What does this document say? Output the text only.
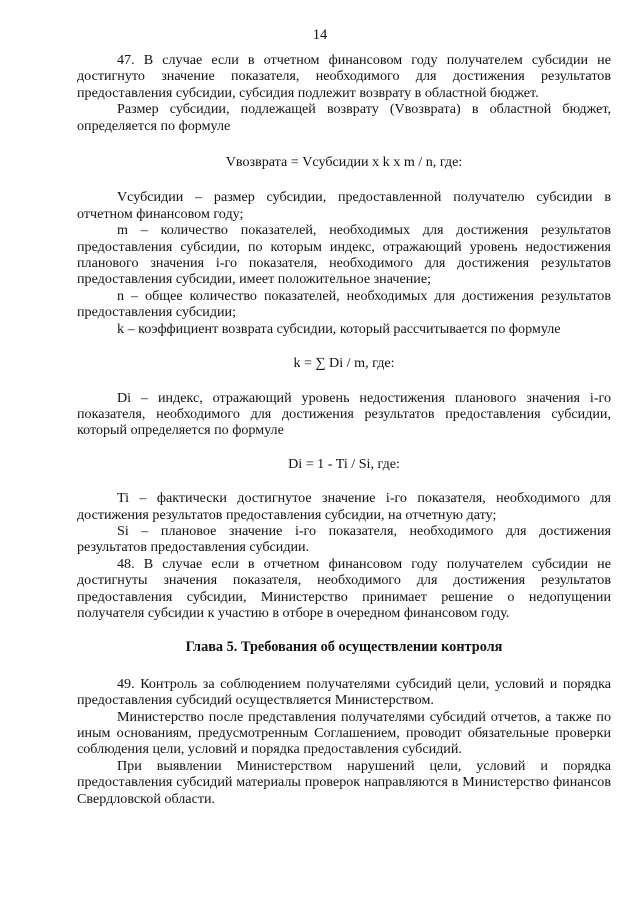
14

47. В случае если в отчетном финансовом году получателем субсидии не достигнуто значение показателя, необходимого для достижения результатов предоставления субсидии, субсидия подлежит возврату в областной бюджет.

Размер субсидии, подлежащей возврату (Vвозврата) в областной бюджет, определяется по формуле

Vвозврата = Vсубсидии x k x m / n, где:

Vсубсидии – размер субсидии, предоставленной получателю субсидии в отчетном финансовом году;

m – количество показателей, необходимых для достижения результатов предоставления субсидии, по которым индекс, отражающий уровень недостижения планового значения i-го показателя, необходимого для достижения результатов предоставления субсидии, имеет положительное значение;

n – общее количество показателей, необходимых для достижения результатов предоставления субсидии;

k – коэффициент возврата субсидии, который рассчитывается по формуле

k = ∑ Di / m, где:

Di – индекс, отражающий уровень недостижения планового значения i-го показателя, необходимого для достижения результатов предоставления субсидии, который определяется по формуле

Di = 1 - Ti / Si, где:

Ti – фактически достигнутое значение i-го показателя, необходимого для достижения результатов предоставления субсидии, на отчетную дату;

Si – плановое значение i-го показателя, необходимого для достижения результатов предоставления субсидии.

48. В случае если в отчетном финансовом году получателем субсидии не достигнуты значения показателя, необходимого для достижения результатов предоставления субсидии, Министерство принимает решение о недопущении получателя субсидии к участию в отборе в очередном финансовом году.

Глава 5. Требования об осуществлении контроля

49. Контроль за соблюдением получателями субсидий цели, условий и порядка предоставления субсидий осуществляется Министерством.

Министерство после представления получателями субсидий отчетов, а также по иным основаниям, предусмотренным Соглашением, проводит обязательные проверки соблюдения цели, условий и порядка предоставления субсидий.

При выявлении Министерством нарушений цели, условий и порядка предоставления субсидий материалы проверок направляются в Министерство финансов Свердловской области.
